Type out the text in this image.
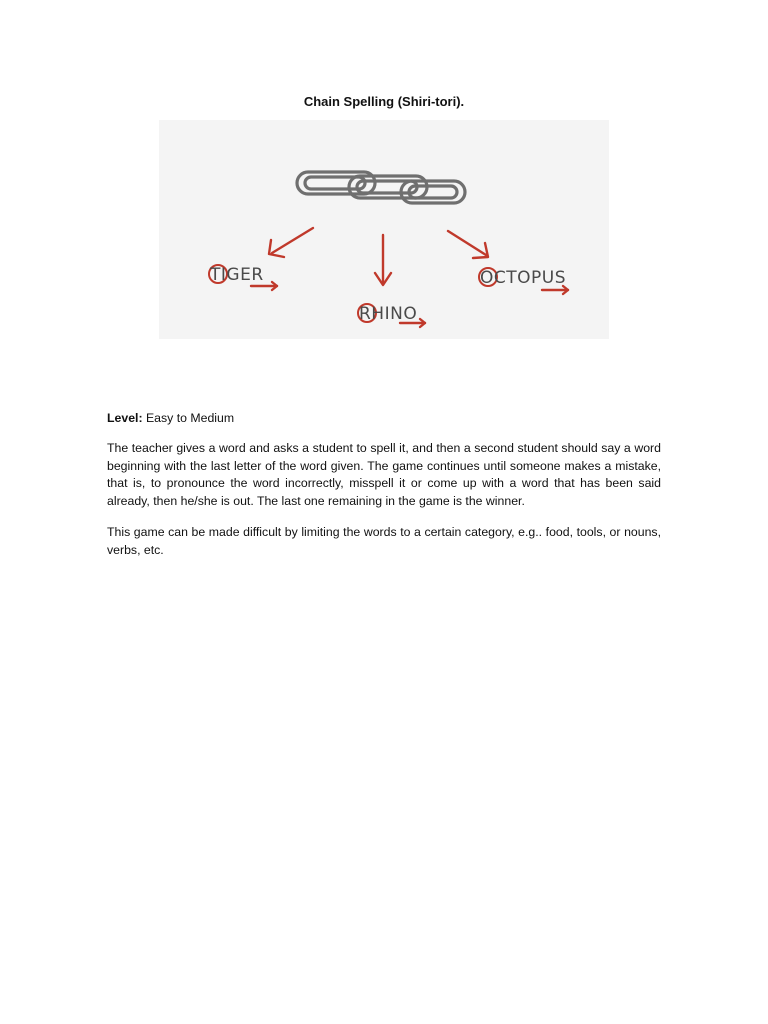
Chain Spelling (Shiri-tori).
TIGER
RHINO
OCTOPUS
Level: Easy to Medium

The teacher gives a word and asks a student to spell it, and then a second student should say a word beginning with the last letter of the word given. The game continues until someone makes a mistake, that is, to pronounce the word incorrectly, misspell it or come up with a word that has been said already, then he/she is out. The last one remaining in the game is the winner.

This game can be made difficult by limiting the words to a certain category, e.g.. food, tools, or nouns, verbs, etc.
